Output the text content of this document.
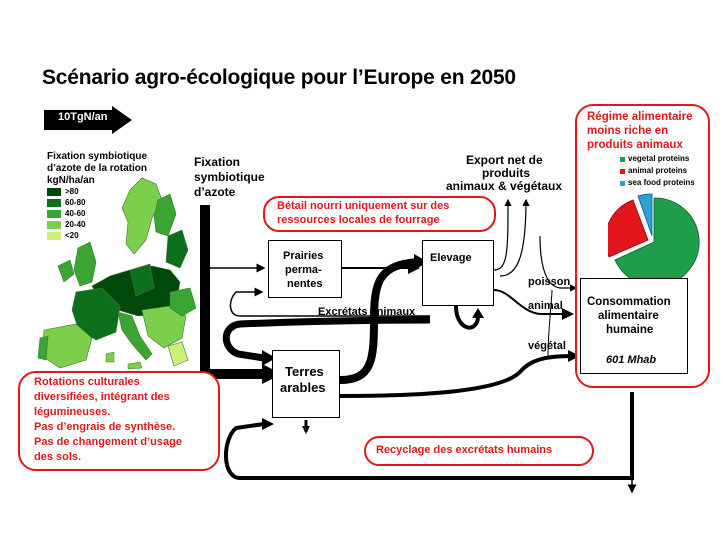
Scénario agro-écologique pour l’Europe en 2050
10TgN/an
Fixation symbiotique
d’azote de la rotation
kgN/ha/an
>80
60-80
40-60
20-40
<20
Fixation
symbiotique
d’azote
Export net de
produits
animaux & végétaux
Prairies
perma-
nentes
Elevage
Terres
arables
Excrétats animaux
poisson
animal
végétal
Régime alimentaire
moins riche en
produits animaux
vegetal proteins
animal proteins
sea food proteins
Consommation
alimentaire
humaine
601 Mhab
Bétail nourri uniquement sur des
ressources locales de fourrage
Rotations culturales
diversifiées, intégrant des
légumineuses.
Pas d’engrais de synthèse.
Pas de changement d’usage
des sols.
Recyclage des excrétats humains
